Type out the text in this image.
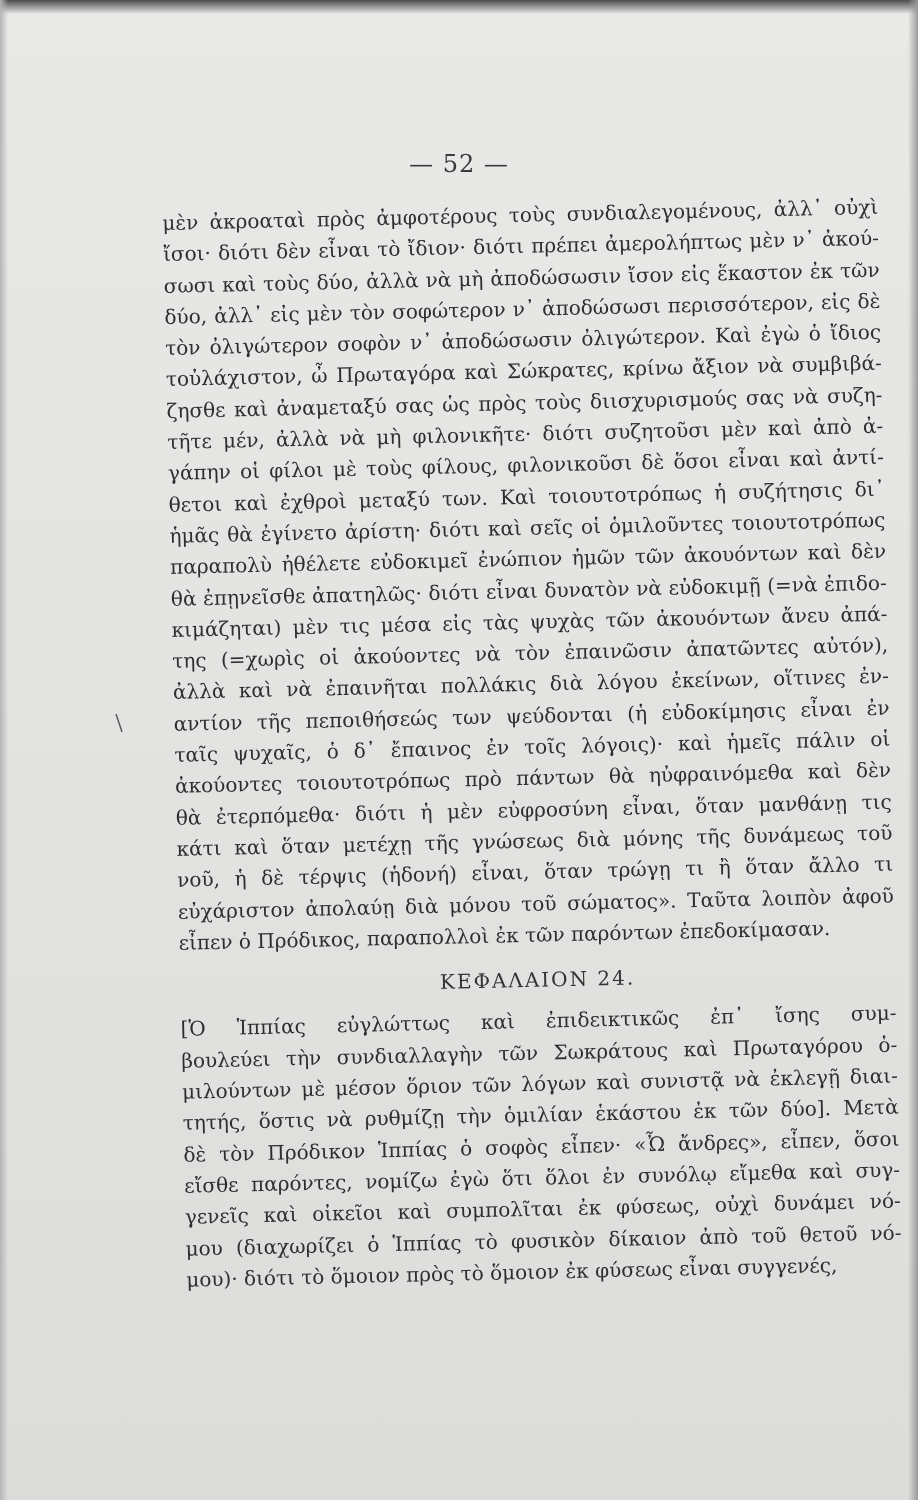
— 52 —
μὲν ἀκροαταὶ πρὸς ἀμφοτέρους τοὺς συνδιαλεγομένους, ἀλλ᾽ οὐχὶ
ἴσοι· διότι δὲν εἶναι τὸ ἴδιον· διότι πρέπει ἀμερολήπτως μὲν ν᾽ ἀκού-
σωσι καὶ τοὺς δύο, ἀλλὰ νὰ μὴ ἀποδώσωσιν ἴσον εἰς ἕκαστον ἐκ τῶν
δύο, ἀλλ᾽ εἰς μὲν τὸν σοφώτερον ν᾽ ἀποδώσωσι περισσότερον, εἰς δὲ
τὸν ὀλιγώτερον σοφὸν ν᾽ ἀποδώσωσιν ὀλιγώτερον. Καὶ ἐγὼ ὁ ἴδιος
τοὐλάχιστον, ὦ Πρωταγόρα καὶ Σώκρατες, κρίνω ἄξιον νὰ συμβιβά-
ζησθε καὶ ἀναμεταξύ σας ὡς πρὸς τοὺς διισχυρισμούς σας νὰ συζη-
τῆτε μέν, ἀλλὰ νὰ μὴ φιλονικῆτε· διότι συζητοῦσι μὲν καὶ ἀπὸ ἀ-
γάπην οἱ φίλοι μὲ τοὺς φίλους, φιλονικοῦσι δὲ ὅσοι εἶναι καὶ ἀντί-
θετοι καὶ ἐχθροὶ μεταξύ των. Καὶ τοιουτοτρόπως ἡ συζήτησις δι᾽
ἡμᾶς θὰ ἐγίνετο ἀρίστη· διότι καὶ σεῖς οἱ ὁμιλοῦντες τοιουτοτρόπως
παραπολὺ ἠθέλετε εὐδοκιμεῖ ἐνώπιον ἡμῶν τῶν ἀκουόντων καὶ δὲν
θὰ ἐπῃνεῖσθε ἀπατηλῶς· διότι εἶναι δυνατὸν νὰ εὐδοκιμῇ (=νὰ ἐπιδο-
κιμάζηται) μὲν τις μέσα εἰς τὰς ψυχὰς τῶν ἀκουόντων ἄνευ ἀπά-
της (=χωρὶς οἱ ἀκούοντες νὰ τὸν ἐπαινῶσιν ἀπατῶντες αὐτόν),
ἀλλὰ καὶ νὰ ἐπαινῆται πολλάκις διὰ λόγου ἐκείνων, οἵτινες ἐν-
αντίον τῆς πεποιθήσεώς των ψεύδονται (ἡ εὐδοκίμησις εἶναι ἐν
ταῖς ψυχαῖς, ὁ δ᾽ ἔπαινος ἐν τοῖς λόγοις)· καὶ ἡμεῖς πάλιν οἱ
ἀκούοντες τοιουτοτρόπως πρὸ πάντων θὰ ηὐφραινόμεθα καὶ δὲν
θὰ ἐτερπόμεθα· διότι ἡ μὲν εὐφροσύνη εἶναι, ὅταν μανθάνῃ τις
κάτι καὶ ὅταν μετέχῃ τῆς γνώσεως διὰ μόνης τῆς δυνάμεως τοῦ
νοῦ, ἡ δὲ τέρψις (ἡδονή) εἶναι, ὅταν τρώγῃ τι ἢ ὅταν ἄλλο τι
εὐχάριστον ἀπολαύῃ διὰ μόνου τοῦ σώματος». Ταῦτα λοιπὸν ἀφοῦ
εἶπεν ὁ Πρόδικος, παραπολλοὶ ἐκ τῶν παρόντων ἐπεδοκίμασαν.
ΚΕΦΑΛΑΙΟΝ 24.
[Ὁ Ἱππίας εὐγλώττως καὶ ἐπιδεικτικῶς ἐπ᾽ ἴσης συμ-
βουλεύει τὴν συνδιαλλαγὴν τῶν Σωκράτους καὶ Πρωταγόρου ὁ-
μιλούντων μὲ μέσον ὅριον τῶν λόγων καὶ συνιστᾷ νὰ ἐκλεγῇ διαι-
τητής, ὅστις νὰ ρυθμίζῃ τὴν ὁμιλίαν ἑκάστου ἐκ τῶν δύο]. Μετὰ
δὲ τὸν Πρόδικον Ἱππίας ὁ σοφὸς εἶπεν· «Ὦ ἄνδρες», εἶπεν, ὅσοι
εἴσθε παρόντες, νομίζω ἐγὼ ὅτι ὅλοι ἐν συνόλῳ εἴμεθα καὶ συγ-
γενεῖς καὶ οἰκεῖοι καὶ συμπολῖται ἐκ φύσεως, οὐχὶ δυνάμει νό-
μου (διαχωρίζει ὁ Ἱππίας τὸ φυσικὸν δίκαιον ἀπὸ τοῦ θετοῦ νό-
μου)· διότι τὸ ὅμοιον πρὸς τὸ ὅμοιον ἐκ φύσεως εἶναι συγγενές,
